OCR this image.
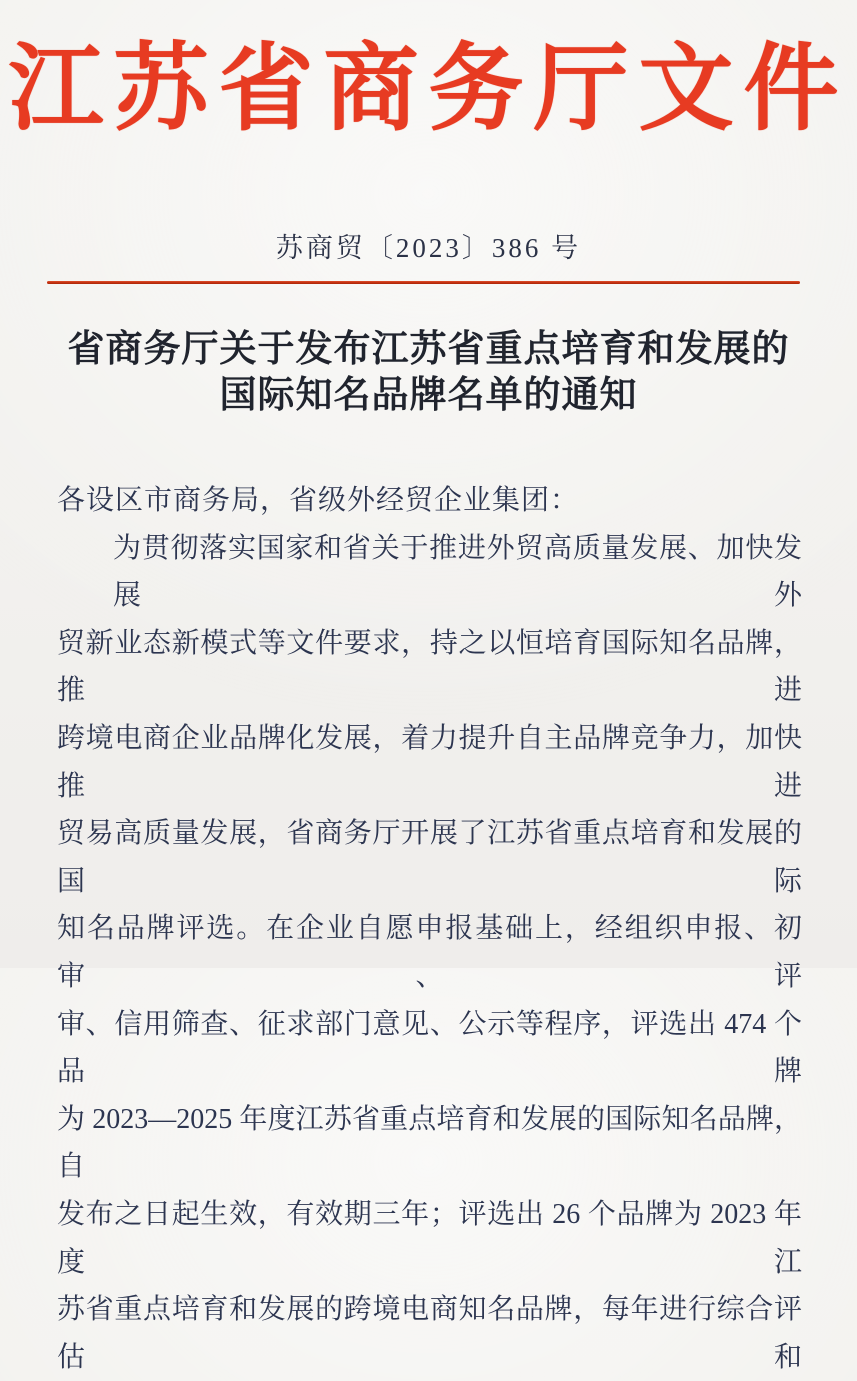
江苏省商务厅文件
苏商贸〔2023〕386 号
省商务厅关于发布江苏省重点培育和发展的
国际知名品牌名单的通知
各设区市商务局，省级外经贸企业集团：
为贯彻落实国家和省关于推进外贸高质量发展、加快发展外
贸新业态新模式等文件要求，持之以恒培育国际知名品牌，推进
跨境电商企业品牌化发展，着力提升自主品牌竞争力，加快推进
贸易高质量发展，省商务厅开展了江苏省重点培育和发展的国际
知名品牌评选。在企业自愿申报基础上，经组织申报、初审、评
审、信用筛查、征求部门意见、公示等程序，评选出 474 个品牌
为 2023—2025 年度江苏省重点培育和发展的国际知名品牌，自
发布之日起生效，有效期三年；评选出 26 个品牌为 2023 年度江
苏省重点培育和发展的跨境电商知名品牌，每年进行综合评估和
